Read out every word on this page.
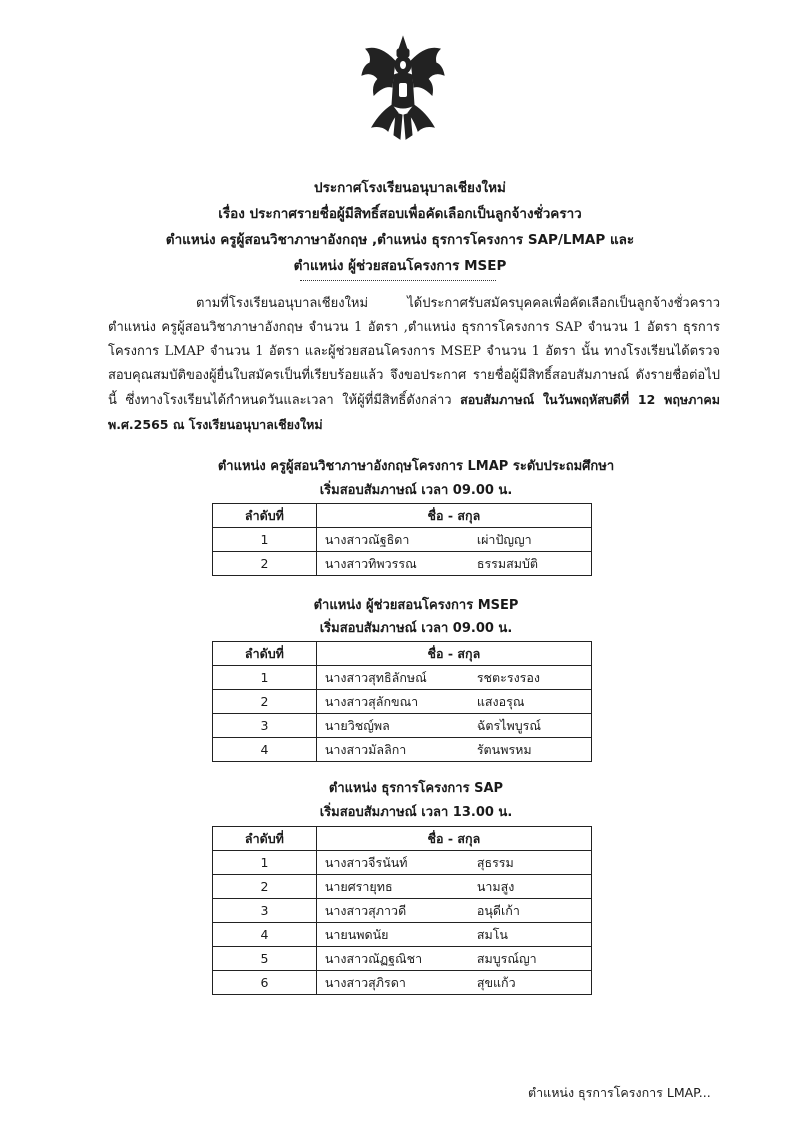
ประกาศโรงเรียนอนุบาลเชียงใหม่
เรื่อง ประกาศรายชื่อผู้มีสิทธิ์สอบเพื่อคัดเลือกเป็นลูกจ้างชั่วคราว
ตำแหน่ง ครูผู้สอนวิชาภาษาอังกฤษ ,ตำแหน่ง ธุรการโครงการ SAP/LMAP และ
ตำแหน่ง ผู้ช่วยสอนโครงการ MSEP
ตามที่โรงเรียนอนุบาลเชียงใหม่ ได้ประกาศรับสมัครบุคคลเพื่อคัดเลือกเป็นลูกจ้างชั่วคราว ตำแหน่ง ครูผู้สอนวิชาภาษาอังกฤษ จำนวน 1 อัตรา ,ตำแหน่ง ธุรการโครงการ SAP จำนวน 1 อัตรา ธุรการโครงการ LMAP จำนวน 1 อัตรา และผู้ช่วยสอนโครงการ MSEP จำนวน 1 อัตรา นั้น ทางโรงเรียนได้ตรวจสอบคุณสมบัติของผู้ยื่นใบสมัครเป็นที่เรียบร้อยแล้ว จึงขอประกาศ รายชื่อผู้มีสิทธิ์สอบสัมภาษณ์ ดังรายชื่อต่อไปนี้ ซึ่งทางโรงเรียนได้กำหนดวันและเวลา ให้ผู้ที่มีสิทธิ์ดังกล่าว สอบสัมภาษณ์ ในวันพฤหัสบดีที่ 12 พฤษภาคม พ.ศ.2565 ณ โรงเรียนอนุบาลเชียงใหม่
ตำแหน่ง ครูผู้สอนวิชาภาษาอังกฤษโครงการ LMAP ระดับประถมศึกษา
เริ่มสอบสัมภาษณ์ เวลา 09.00 น.
ลำดับที่	ชื่อ - สกุล
1	นางสาวณัฐธิดา เผ่าปัญญา
2	นางสาวทิพวรรณ ธรรมสมบัติ
ตำแหน่ง ผู้ช่วยสอนโครงการ MSEP
เริ่มสอบสัมภาษณ์ เวลา 09.00 น.
ลำดับที่	ชื่อ - สกุล
1	นางสาวสุทธิลักษณ์ รชตะรงรอง
2	นางสาวสุลักขณา แสงอรุณ
3	นายวิชญ์พล ฉัตรไพบูรณ์
4	นางสาวมัลลิกา รัตนพรหม
ตำแหน่ง ธุรการโครงการ SAP
เริ่มสอบสัมภาษณ์ เวลา 13.00 น.
ลำดับที่	ชื่อ - สกุล
1	นางสาวจีรนันท์ สุธรรม
2	นายศรายุทธ นามสูง
3	นางสาวสุภาวดี อนุดีเก้า
4	นายนพดนัย สมโน
5	นางสาวณัฏฐณิชา สมบูรณ์ญา
6	นางสาวสุภิรดา สุขแก้ว
ตำแหน่ง ธุรการโครงการ LMAP...
